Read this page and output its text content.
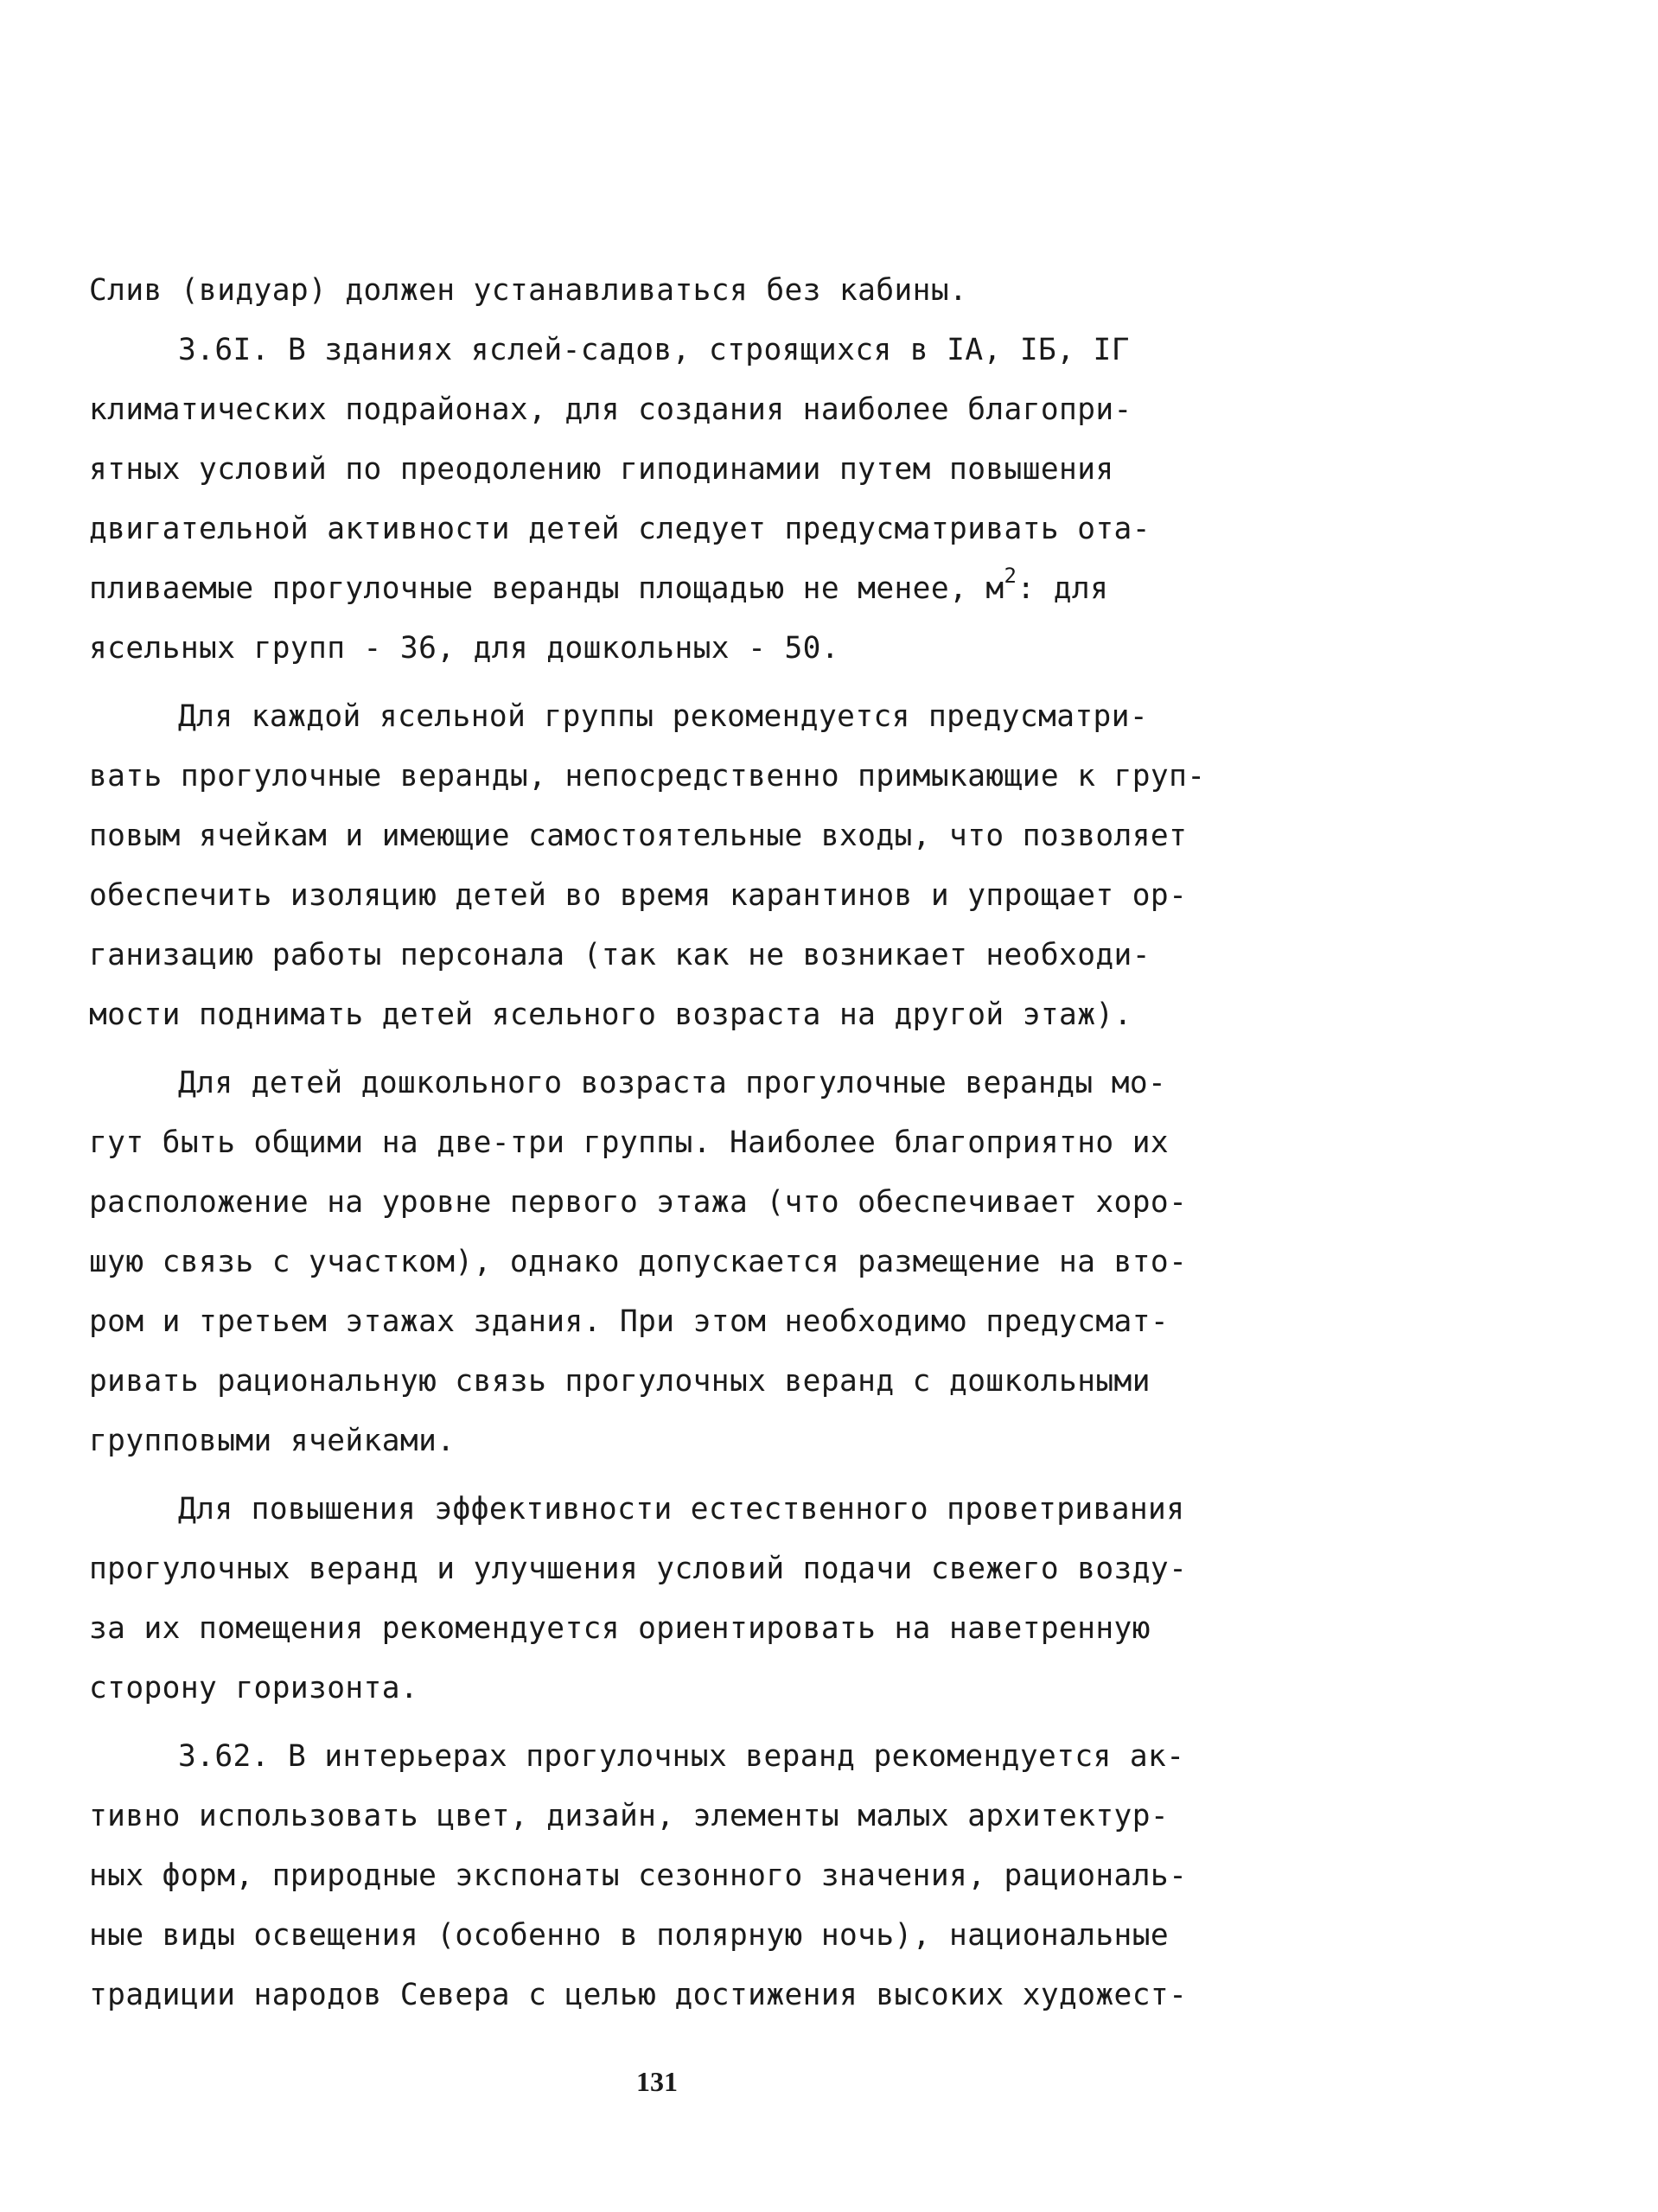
Слив (видуар) должен устанавливаться без кабины.
3.6I. В зданиях яслей-садов, строящихся в IА, IБ, IГ
климатических подрайонах, для создания наиболее благопри-
ятных условий по преодолению гиподинамии путем повышения
двигательной активности детей следует предусматривать ота-
пливаемые прогулочные веранды площадью не менее, $м^2$: для
ясельных групп - 36, для дошкольных - 50.
Для каждой ясельной группы рекомендуется предусматри-
вать прогулочные веранды, непосредственно примыкающие к груп-
повым ячейкам и имеющие самостоятельные входы, что позволяет
обеспечить изоляцию детей во время карантинов и упрощает ор-
ганизацию работы персонала (так как не возникает необходи-
мости поднимать детей ясельного возраста на другой этаж).
Для детей дошкольного возраста прогулочные веранды мо-
гут быть общими на две-три группы. Наиболее благоприятно их
расположение на уровне первого этажа (что обеспечивает хоро-
шую связь с участком), однако допускается размещение на вто-
ром и третьем этажах здания. При этом необходимо предусмат-
ривать рациональную связь прогулочных веранд с дошкольными
групповыми ячейками.
Для повышения эффективности естественного проветривания
прогулочных веранд и улучшения условий подачи свежего возду-
за их помещения рекомендуется ориентировать на наветренную
сторону горизонта.
3.62. В интерьерах прогулочных веранд рекомендуется ак-
тивно использовать цвет, дизайн, элементы малых архитектур-
ных форм, природные экспонаты сезонного значения, рациональ-
ные виды освещения (особенно в полярную ночь), национальные
традиции народов Севера с целью достижения высоких художест-
131
